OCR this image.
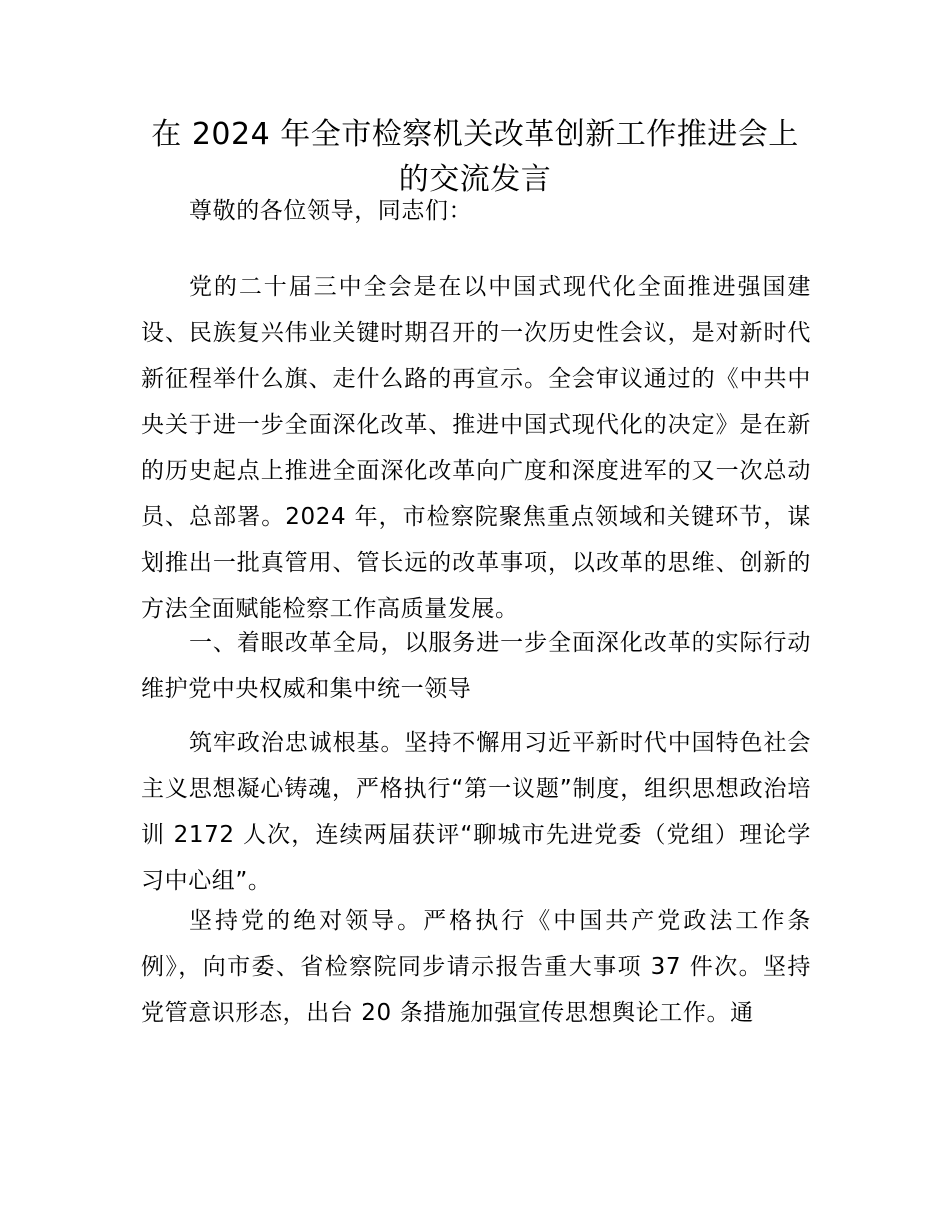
在 2024 年全市检察机关改革创新工作推进会上的交流发言

尊敬的各位领导，同志们：

党的二十届三中全会是在以中国式现代化全面推进强国建设、民族复兴伟业关键时期召开的一次历史性会议，是对新时代新征程举什么旗、走什么路的再宣示。全会审议通过的《中共中央关于进一步全面深化改革、推进中国式现代化的决定》是在新的历史起点上推进全面深化改革向广度和深度进军的又一次总动员、总部署。2024 年，市检察院聚焦重点领域和关键环节，谋划推出一批真管用、管长远的改革事项，以改革的思维、创新的方法全面赋能检察工作高质量发展。

一、着眼改革全局，以服务进一步全面深化改革的实际行动维护党中央权威和集中统一领导

筑牢政治忠诚根基。坚持不懈用习近平新时代中国特色社会主义思想凝心铸魂，严格执行“第一议题”制度，组织思想政治培训 2172 人次，连续两届获评“聊城市先进党委（党组）理论学习中心组”。

坚持党的绝对领导。严格执行《中国共产党政法工作条例》，向市委、省检察院同步请示报告重大事项 37 件次。坚持党管意识形态，出台 20 条措施加强宣传思想舆论工作。通
